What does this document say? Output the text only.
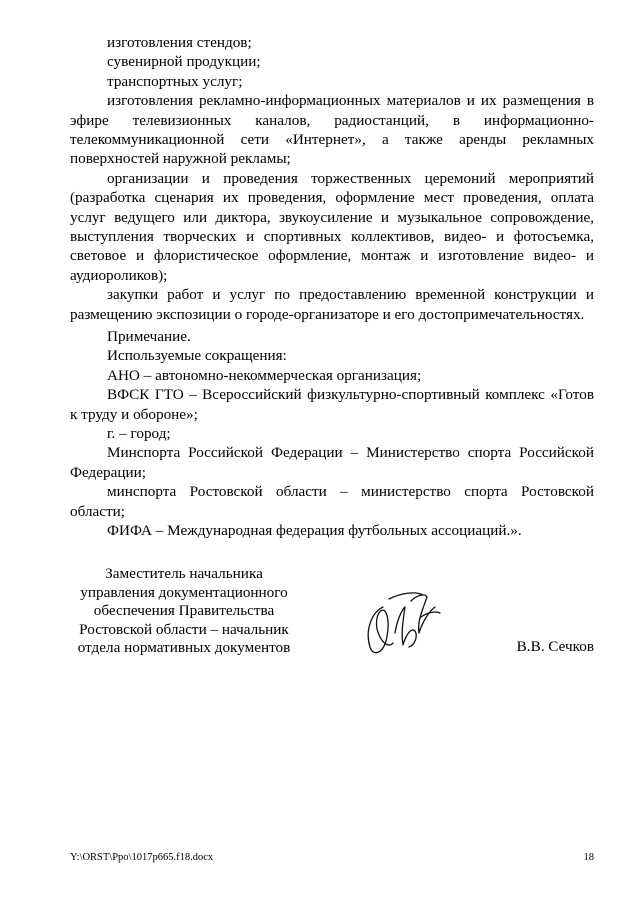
изготовления стендов;

сувенирной продукции;

транспортных услуг;

изготовления рекламно-информационных материалов и их размещения в эфире телевизионных каналов, радиостанций, в информационно-телекоммуникационной сети «Интернет», а также аренды рекламных поверхностей наружной рекламы;

организации и проведения торжественных церемоний мероприятий (разработка сценария их проведения, оформление мест проведения, оплата услуг ведущего или диктора, звукоусиление и музыкальное сопровождение, выступления творческих и спортивных коллективов, видео- и фотосъемка, световое и флористическое оформление, монтаж и изготовление видео- и аудиороликов);

закупки работ и услуг по предоставлению временной конструкции и размещению экспозиции о городе-организаторе и его достопримечательностях.

Примечание.

Используемые сокращения:

АНО – автономно-некоммерческая организация;

ВФСК ГТО – Всероссийский физкультурно-спортивный комплекс «Готов к труду и обороне»;

г. – город;

Минспорта Российской Федерации – Министерство спорта Российской Федерации;

минспорта Ростовской области – министерство спорта Ростовской области;

ФИФА – Международная федерация футбольных ассоциаций.».

Заместитель начальника
управления документационного
обеспечения Правительства
Ростовской области – начальник
отдела нормативных документов	В.В. Сечков
Y:\ORST\Ppo\1017p665.f18.docx	18
